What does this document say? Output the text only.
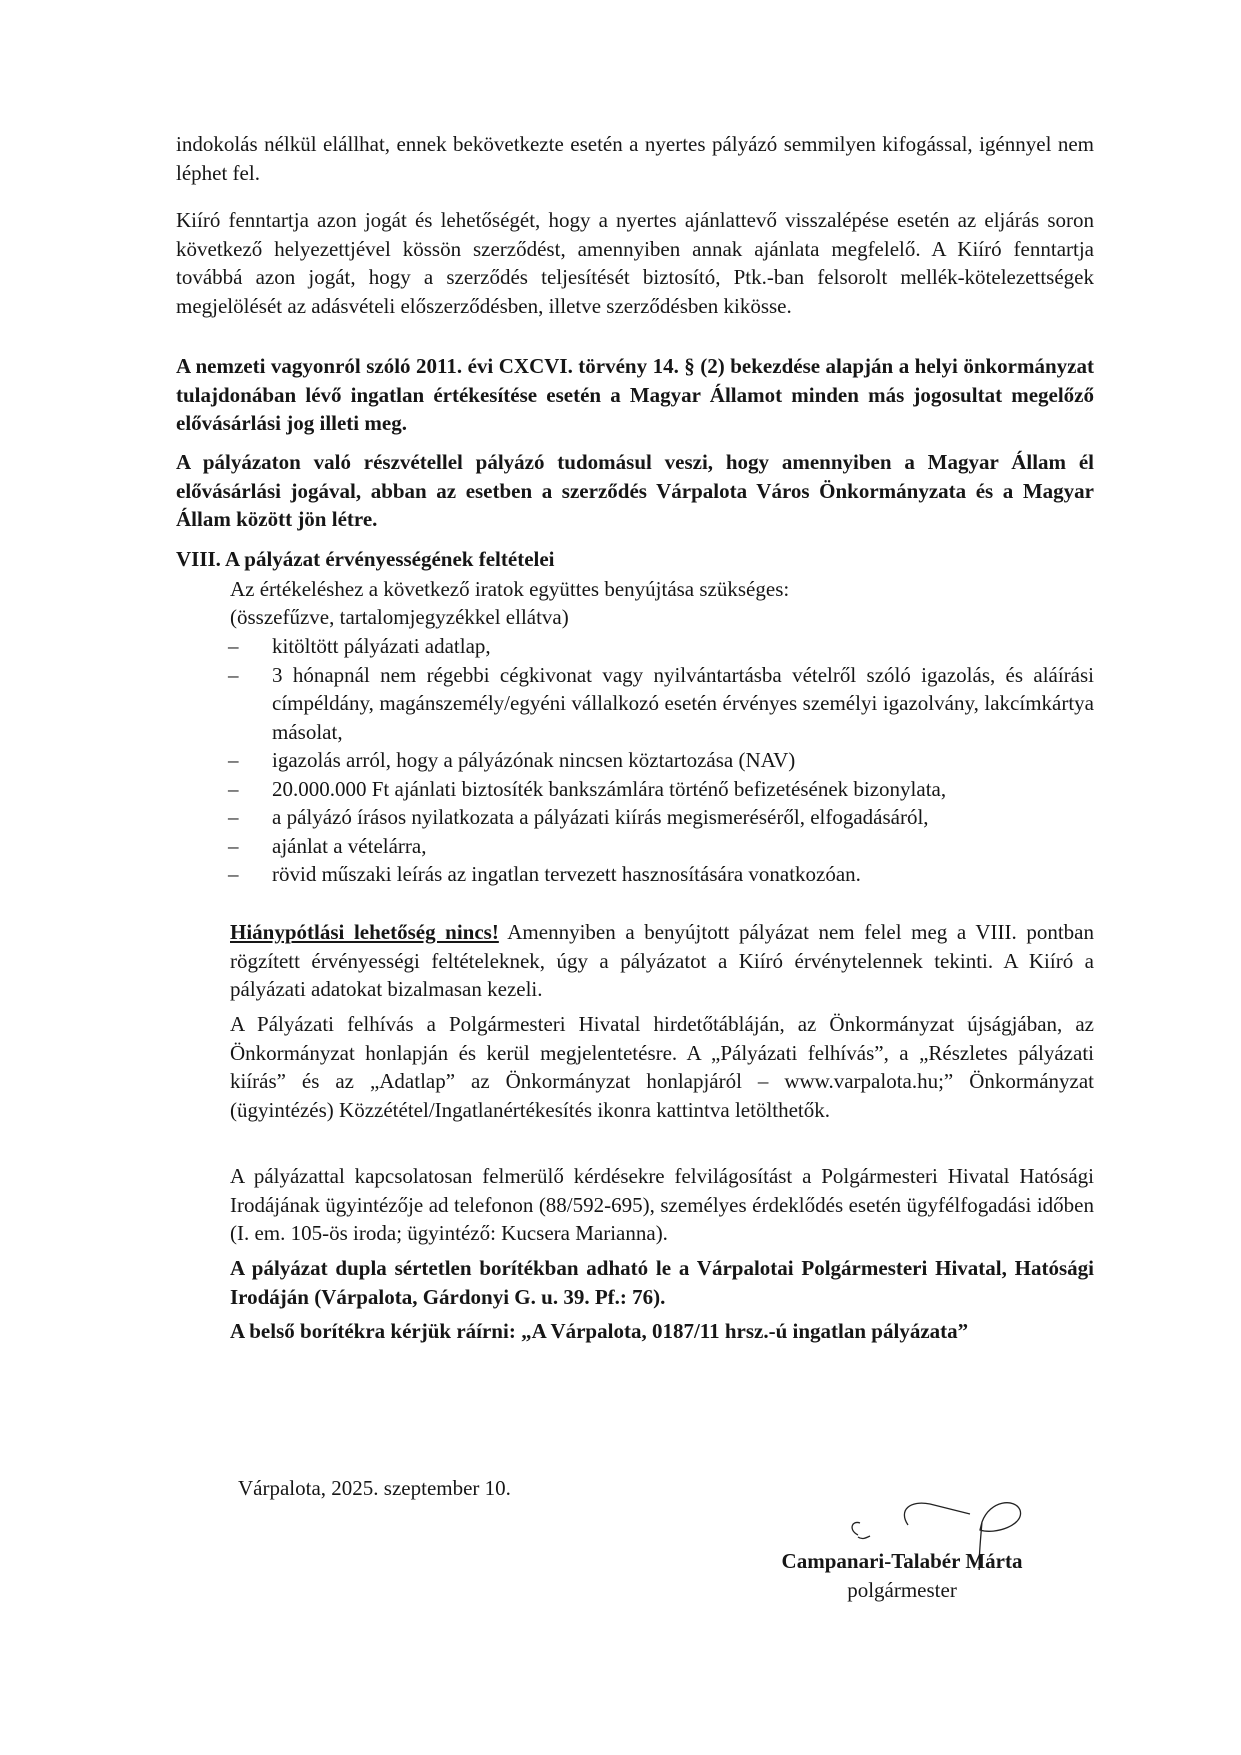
indokolás nélkül elállhat, ennek bekövetkezte esetén a nyertes pályázó semmilyen kifogással, igénnyel nem léphet fel.

Kiíró fenntartja azon jogát és lehetőségét, hogy a nyertes ajánlattevő visszalépése esetén az eljárás soron következő helyezettjével kössön szerződést, amennyiben annak ajánlata megfelelő. A Kiíró fenntartja továbbá azon jogát, hogy a szerződés teljesítését biztosító, Ptk.-ban felsorolt mellék-kötelezettségek megjelölését az adásvételi előszerződésben, illetve szerződésben kikösse.

A nemzeti vagyonról szóló 2011. évi CXCVI. törvény 14. § (2) bekezdése alapján a helyi önkormányzat tulajdonában lévő ingatlan értékesítése esetén a Magyar Államot minden más jogosultat megelőző elővásárlási jog illeti meg.

A pályázaton való részvétellel pályázó tudomásul veszi, hogy amennyiben a Magyar Állam él elővásárlási jogával, abban az esetben a szerződés Várpalota Város Önkormányzata és a Magyar Állam között jön létre.

VIII. A pályázat érvényességének feltételei

Az értékeléshez a következő iratok együttes benyújtása szükséges:

(összefűzve, tartalomjegyzékkel ellátva)

– kitöltött pályázati adatlap,
– 3 hónapnál nem régebbi cégkivonat vagy nyilvántartásba vételről szóló igazolás, és aláírási címpéldány, magánszemély/egyéni vállalkozó esetén érvényes személyi igazolvány, lakcímkártya másolat,
– igazolás arról, hogy a pályázónak nincsen köztartozása (NAV)
– 20.000.000 Ft ajánlati biztosíték bankszámlára történő befizetésének bizonylata,
– a pályázó írásos nyilatkozata a pályázati kiírás megismeréséről, elfogadásáról,
– ajánlat a vételárra,
– rövid műszaki leírás az ingatlan tervezett hasznosítására vonatkozóan.

Hiánypótlási lehetőség nincs! Amennyiben a benyújtott pályázat nem felel meg a VIII. pontban rögzített érvényességi feltételeknek, úgy a pályázatot a Kiíró érvénytelennek tekinti. A Kiíró a pályázati adatokat bizalmasan kezeli.

A Pályázati felhívás a Polgármesteri Hivatal hirdetőtábláján, az Önkormányzat újságjában, az Önkormányzat honlapján és kerül megjelentetésre. A „Pályázati felhívás”, a „Részletes pályázati kiírás” és az „Adatlap” az Önkormányzat honlapjáról – www.varpalota.hu;” Önkormányzat (ügyintézés) Közzététel/Ingatlanértékesítés ikonra kattintva letölthetők.

A pályázattal kapcsolatosan felmerülő kérdésekre felvilágosítást a Polgármesteri Hivatal Hatósági Irodájának ügyintézője ad telefonon (88/592-695), személyes érdeklődés esetén ügyfélfogadási időben (I. em. 105-ös iroda; ügyintéző: Kucsera Marianna).

A pályázat dupla sértetlen borítékban adható le a Várpalotai Polgármesteri Hivatal, Hatósági Irodáján (Várpalota, Gárdonyi G. u. 39. Pf.: 76).

A belső borítékra kérjük ráírni: „A Várpalota, 0187/11 hrsz.-ú ingatlan pályázata”

Várpalota, 2025. szeptember 10.
Campanari-Talabér Márta
polgármester
